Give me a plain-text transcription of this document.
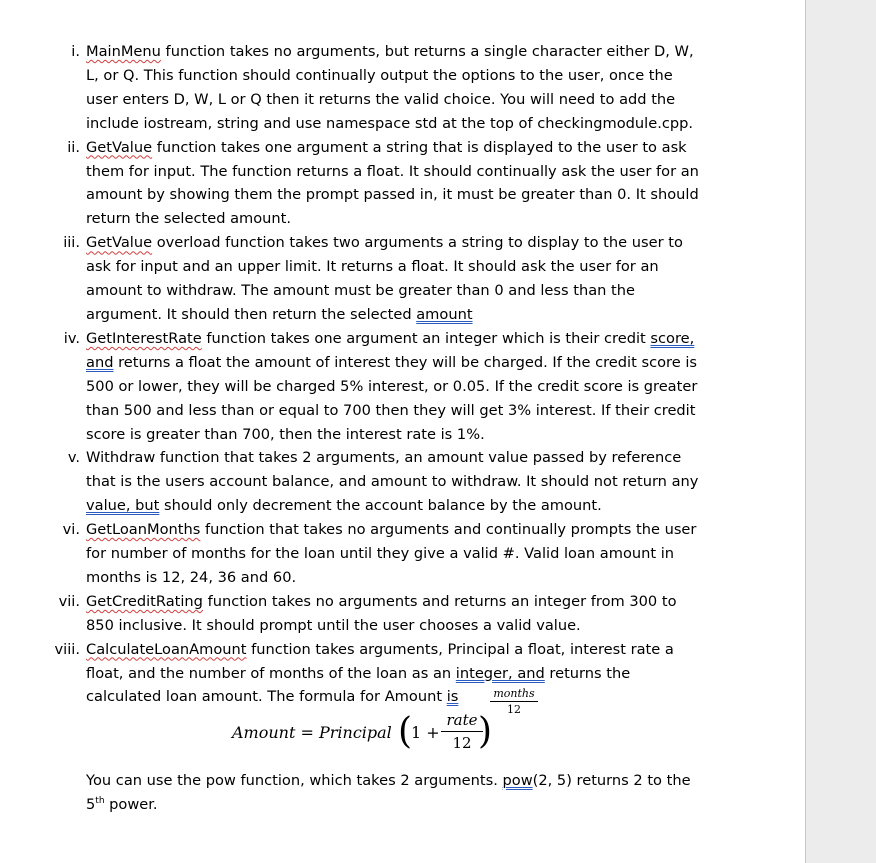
i. MainMenu function takes no arguments, but returns a single character either D, W, L, or Q. This function should continually output the options to the user, once the user enters D, W, L or Q then it returns the valid choice. You will need to add the include iostream, string and use namespace std at the top of checkingmodule.cpp.
ii. GetValue function takes one argument a string that is displayed to the user to ask them for input. The function returns a float. It should continually ask the user for an amount by showing them the prompt passed in, it must be greater than 0. It should return the selected amount.
iii. GetValue overload function takes two arguments a string to display to the user to ask for input and an upper limit. It returns a float. It should ask the user for an amount to withdraw. The amount must be greater than 0 and less than the argument. It should then return the selected amount
iv. GetInterestRate function takes one argument an integer which is their credit score, and returns a float the amount of interest they will be charged. If the credit score is 500 or lower, they will be charged 5% interest, or 0.05. If the credit score is greater than 500 and less than or equal to 700 then they will get 3% interest. If their credit score is greater than 700, then the interest rate is 1%.
v. Withdraw function that takes 2 arguments, an amount value passed by reference that is the users account balance, and amount to withdraw. It should not return any value, but should only decrement the account balance by the amount.
vi. GetLoanMonths function that takes no arguments and continually prompts the user for number of months for the loan until they give a valid #. Valid loan amount in months is 12, 24, 36 and 60.
vii. GetCreditRating function takes no arguments and returns an integer from 300 to 850 inclusive. It should prompt until the user chooses a valid value.
viii. CalculateLoanAmount function takes arguments, Principal a float, interest rate a float, and the number of months of the loan as an integer, and returns the calculated loan amount. The formula for Amount is
Amount = Principal (
1 +
rate
12 )
months
12
You can use the pow function, which takes 2 arguments. pow(2, 5) returns 2 to the 5th power.
